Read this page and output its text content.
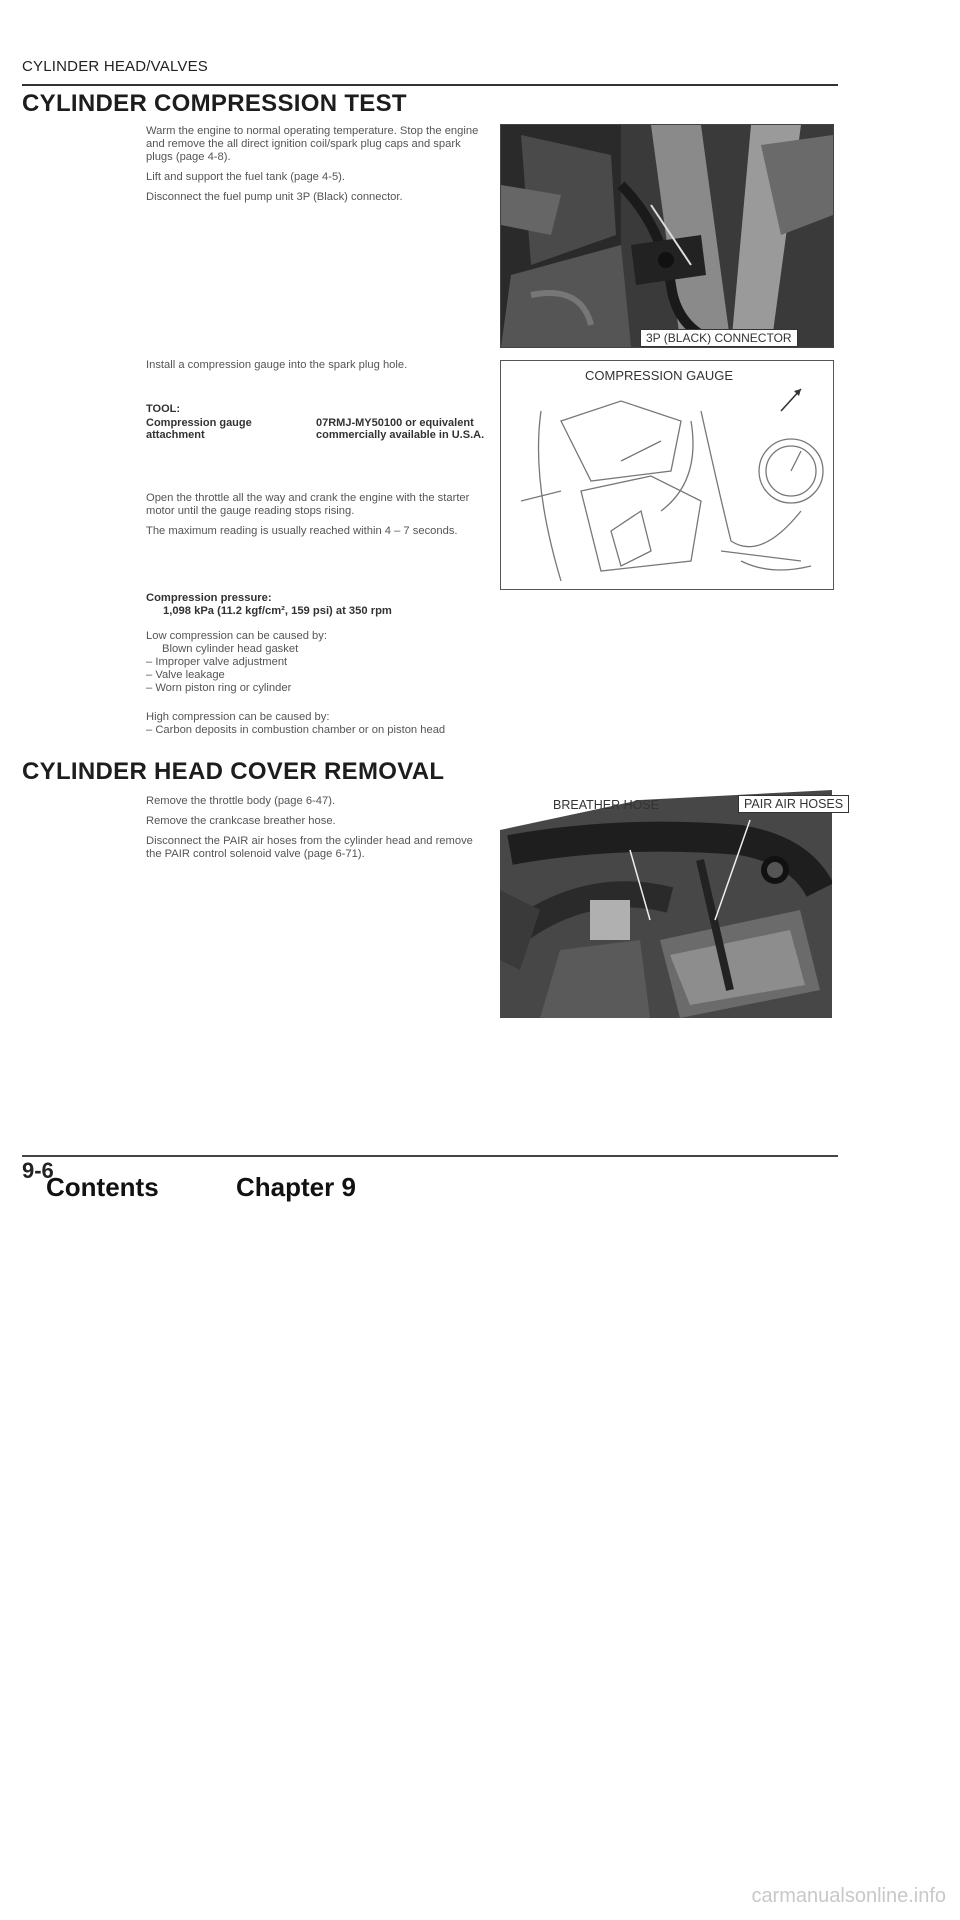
CYLINDER HEAD/VALVES
CYLINDER COMPRESSION TEST

Warm the engine to normal operating temperature. Stop the engine and remove the all direct ignition coil/spark plug caps and spark plugs (page 4-8).

Lift and support the fuel tank (page 4-5).

Disconnect the fuel pump unit 3P (Black) connector.

3P (BLACK) CONNECTOR
Install a compression gauge into the spark plug hole.
TOOL:
Compression gauge attachment
07RMJ-MY50100 or equivalent commercially available in U.S.A.
COMPRESSION GAUGE

Open the throttle all the way and crank the engine with the starter motor until the gauge reading stops rising.

The maximum reading is usually reached within 4 – 7 seconds.

Compression pressure:
1,098 kPa (11.2 kgf/cm², 159 psi) at 350 rpm
Low compression can be caused by:
Blown cylinder head gasket
– Improper valve adjustment
– Valve leakage
– Worn piston ring or cylinder
High compression can be caused by:
– Carbon deposits in combustion chamber or on piston head
CYLINDER HEAD COVER REMOVAL

Remove the throttle body (page 6-47).

Remove the crankcase breather hose.

Disconnect the PAIR air hoses from the cylinder head and remove the PAIR control solenoid valve (page 6-71).

BREATHER HOSE	PAIR AIR HOSES
9-6
Contents	Chapter 9
carmanualsonline.info
